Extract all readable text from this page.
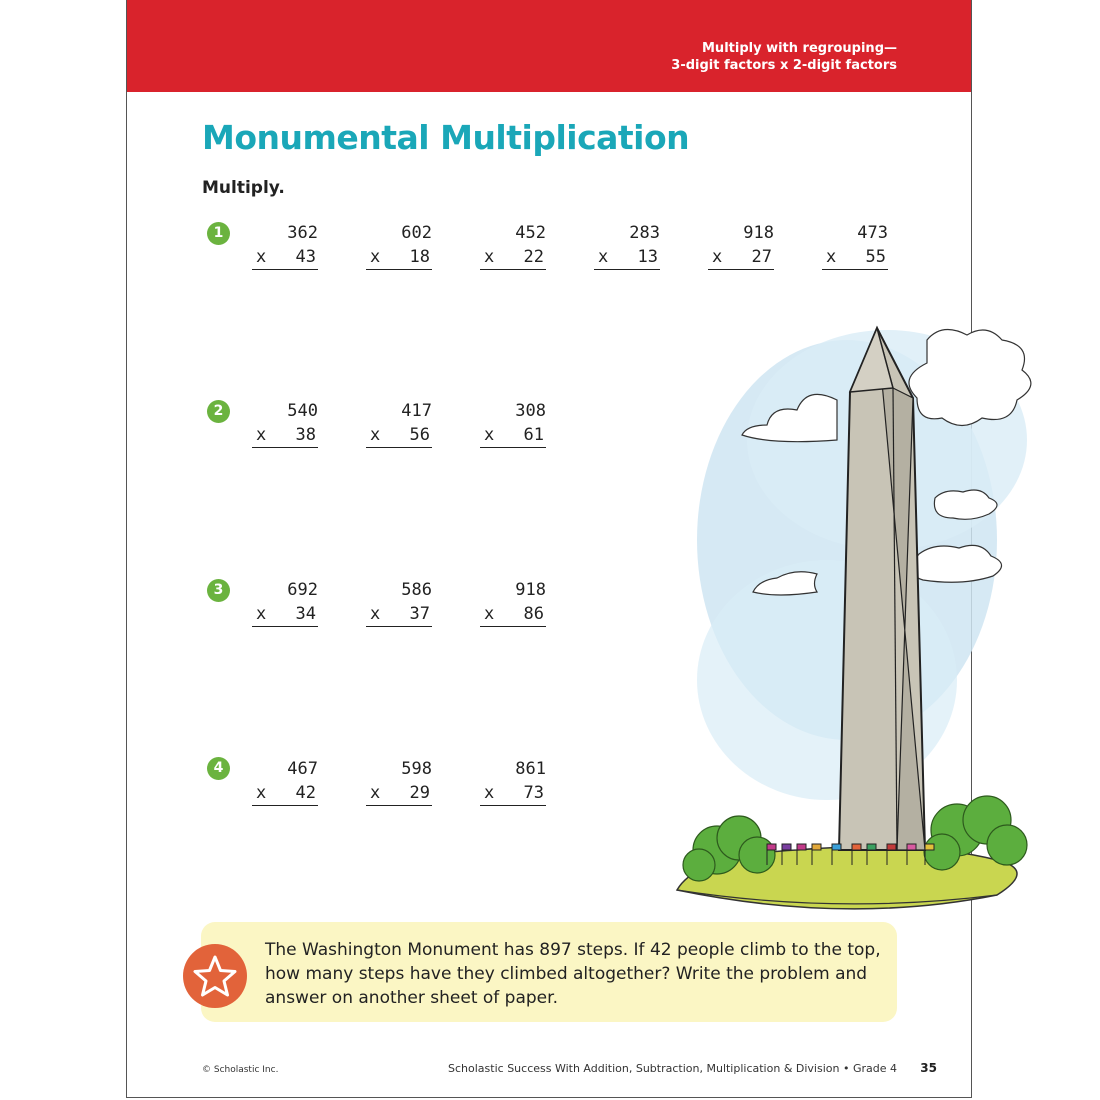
Multiply with regrouping—
3-digit factors x 2-digit factors
Monumental Multiplication
Multiply.
1
2
3
4
362
x 43
602
x 18
452
x 22
283
x 13
918
x 27
473
x 55
540
x 38
417
x 56
308
x 61
692
x 34
586
x 37
918
x 86
467
x 42
598
x 29
861
x 73
The Washington Monument has 897 steps. If 42 people climb to the top, how many steps have they climbed altogether? Write the problem and answer on another sheet of paper.
© Scholastic Inc.	Scholastic Success With Addition, Subtraction, Multiplication & Division • Grade 4 35
